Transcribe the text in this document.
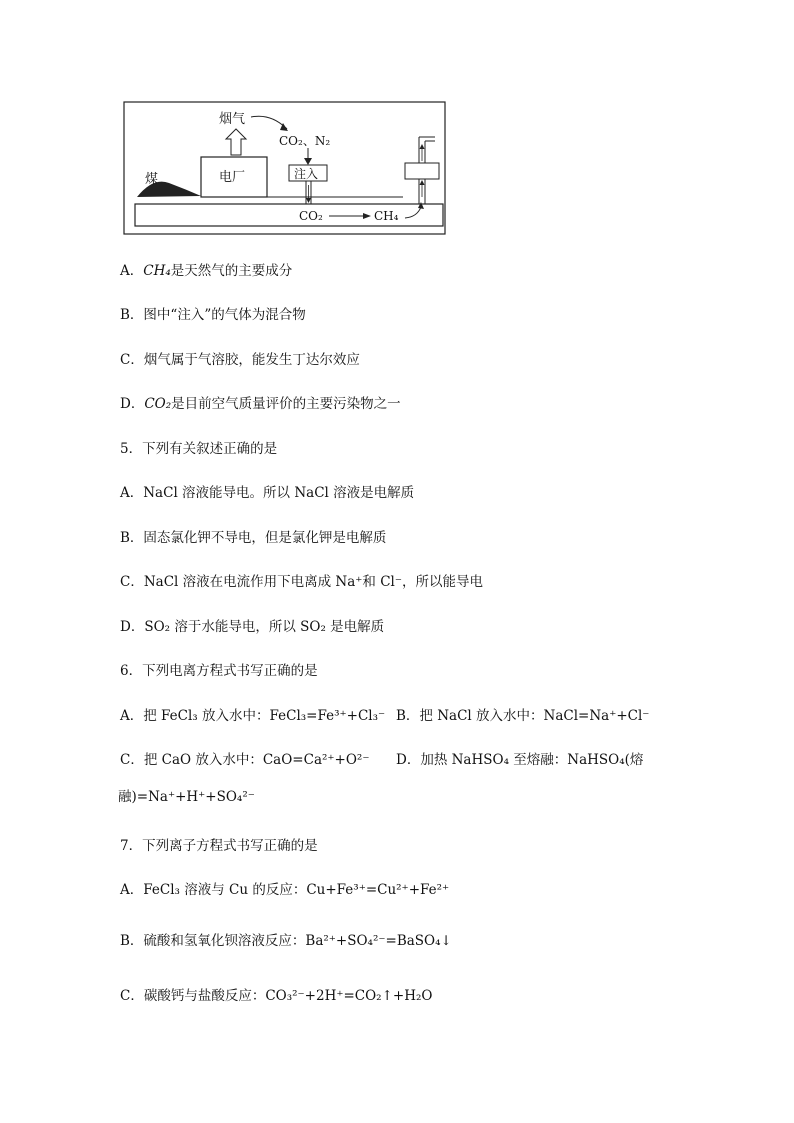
煤	电厂
烟气
CO₂、N₂
注入
CO₂	CH₄
A．CH₄是天然气的主要成分
B．图中“注入”的气体为混合物
C．烟气属于气溶胶，能发生丁达尔效应
D．CO₂是目前空气质量评价的主要污染物之一
5．下列有关叙述正确的是
A．NaCl 溶液能导电。所以 NaCl 溶液是电解质
B．固态氯化钾不导电，但是氯化钾是电解质
C．NaCl 溶液在电流作用下电离成 Na⁺和 Cl⁻，所以能导电
D．SO₂ 溶于水能导电，所以 SO₂ 是电解质
6．下列电离方程式书写正确的是
A．把 FeCl₃ 放入水中：FeCl₃=Fe³⁺+Cl₃⁻ B．把 NaCl 放入水中：NaCl=Na⁺+Cl⁻
C．把 CaO 放入水中：CaO=Ca²⁺+O²⁻ D．加热 NaHSO₄ 至熔融：NaHSO₄(熔
融)=Na⁺+H⁺+SO₄²⁻
7．下列离子方程式书写正确的是
A．FeCl₃ 溶液与 Cu 的反应：Cu+Fe³⁺=Cu²⁺+Fe²⁺
B．硫酸和氢氧化钡溶液反应：Ba²⁺+SO₄²⁻=BaSO₄↓
C．碳酸钙与盐酸反应：CO₃²⁻+2H⁺=CO₂↑+H₂O
